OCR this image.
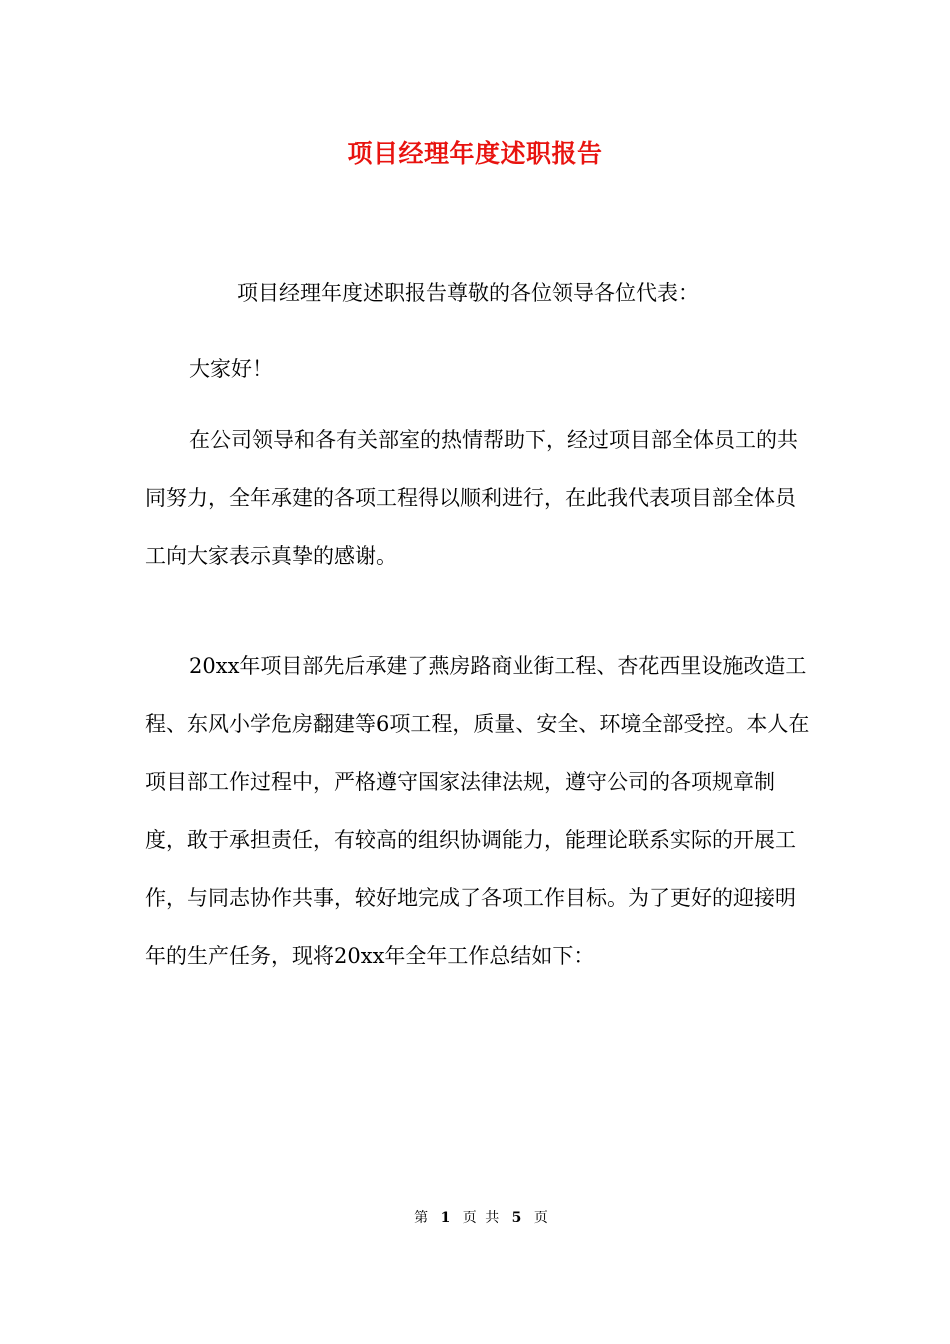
项目经理年度述职报告

项目经理年度述职报告尊敬的各位领导各位代表：

大家好！

在公司领导和各有关部室的热情帮助下，经过项目部全体员工的共同努力，全年承建的各项工程得以顺利进行，在此我代表项目部全体员工向大家表示真挚的感谢。

20xx年项目部先后承建了燕房路商业街工程、杏花西里设施改造工程、东风小学危房翻建等6项工程，质量、安全、环境全部受控。本人在项目部工作过程中，严格遵守国家法律法规，遵守公司的各项规章制度，敢于承担责任，有较高的组织协调能力，能理论联系实际的开展工作，与同志协作共事，较好地完成了各项工作目标。为了更好的迎接明年的生产任务，现将20xx年全年工作总结如下：

第 1 页 共 5 页
